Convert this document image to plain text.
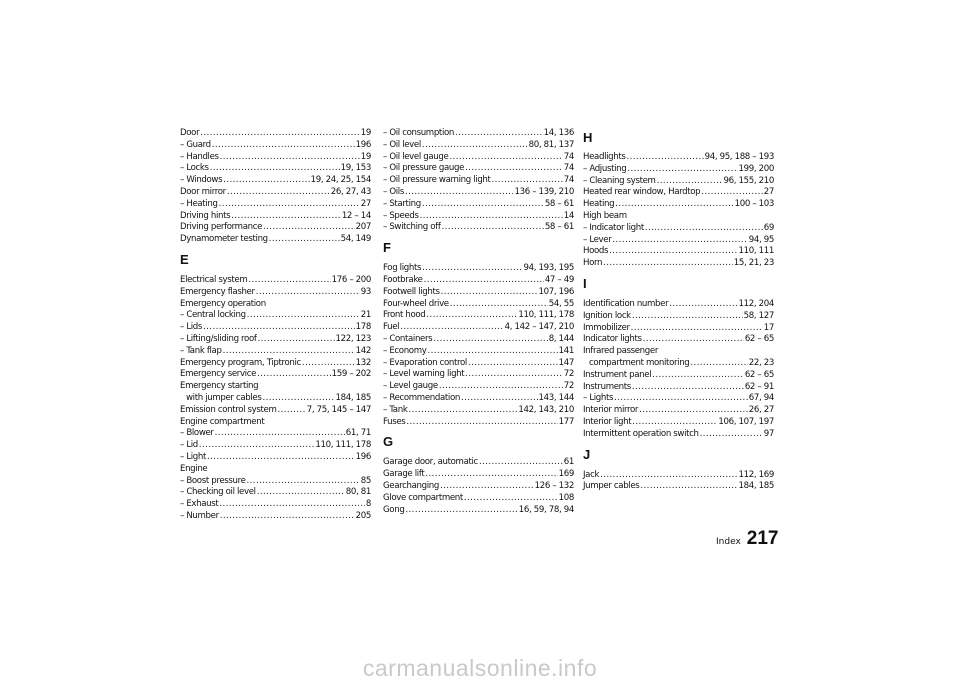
Door .....	19
– Guard .....	196
– Handles .....	19
– Locks .....	19, 153
– Windows .....	19, 24, 25, 154
Door mirror .....	26, 27, 43
– Heating .....	27
Driving hints .....	12 – 14
Driving performance .....	207
Dynamometer testing .....	54, 149
E
Electrical system .....	176 – 200
Emergency flasher .....	93
Emergency operation
– Central locking .....	21
– Lids .....	178
– Lifting/sliding roof .....	122, 123
– Tank flap .....	142
Emergency program, Tiptronic .....	132
Emergency service .....	159 – 202
Emergency starting
with jumper cables .....	184, 185
Emission control system .....	7, 75, 145 – 147
Engine compartment
– Blower .....	61, 71
– Lid .....	110, 111, 178
– Light .....	196
Engine
– Boost pressure .....	85
– Checking oil level .....	80, 81
– Exhaust .....	8
– Number .....	205
– Oil consumption .....	14, 136
– Oil level .....	80, 81, 137
– Oil level gauge .....	74
– Oil pressure gauge .....	74
– Oil pressure warning light .....	74
– Oils .....	136 – 139, 210
– Starting .....	58 – 61
– Speeds .....	14
– Switching off .....	58 – 61
F
Fog lights .....	94, 193, 195
Footbrake .....	47 – 49
Footwell lights .....	107, 196
Four-wheel drive .....	54, 55
Front hood .....	110, 111, 178
Fuel .....	4, 142 – 147, 210
– Containers .....	8, 144
– Economy .....	141
– Evaporation control .....	147
– Level warning light .....	72
– Level gauge .....	72
– Recommendation .....	143, 144
– Tank .....	142, 143, 210
Fuses .....	177
G
Garage door, automatic .....	61
Garage lift .....	169
Gearchanging .....	126 – 132
Glove compartment .....	108
Gong .....	16, 59, 78, 94
H
Headlights .....	94, 95, 188 – 193
– Adjusting .....	199, 200
– Cleaning system .....	96, 155, 210
Heated rear window, Hardtop .....	27
Heating .....	100 – 103
High beam
– Indicator light .....	69
– Lever .....	94, 95
Hoods .....	110, 111
Horn .....	15, 21, 23
I
Identification number .....	112, 204
Ignition lock .....	58, 127
Immobilizer .....	17
Indicator lights .....	62 – 65
Infrared passenger
compartment monitoring .....	22, 23
Instrument panel .....	62 – 65
Instruments .....	62 – 91
– Lights .....	67, 94
Interior mirror .....	26, 27
Interior light .....	106, 107, 197
Intermittent operation switch .....	97
J
Jack .....	112, 169
Jumper cables .....	184, 185
Index 217
carmanualsonline.info
